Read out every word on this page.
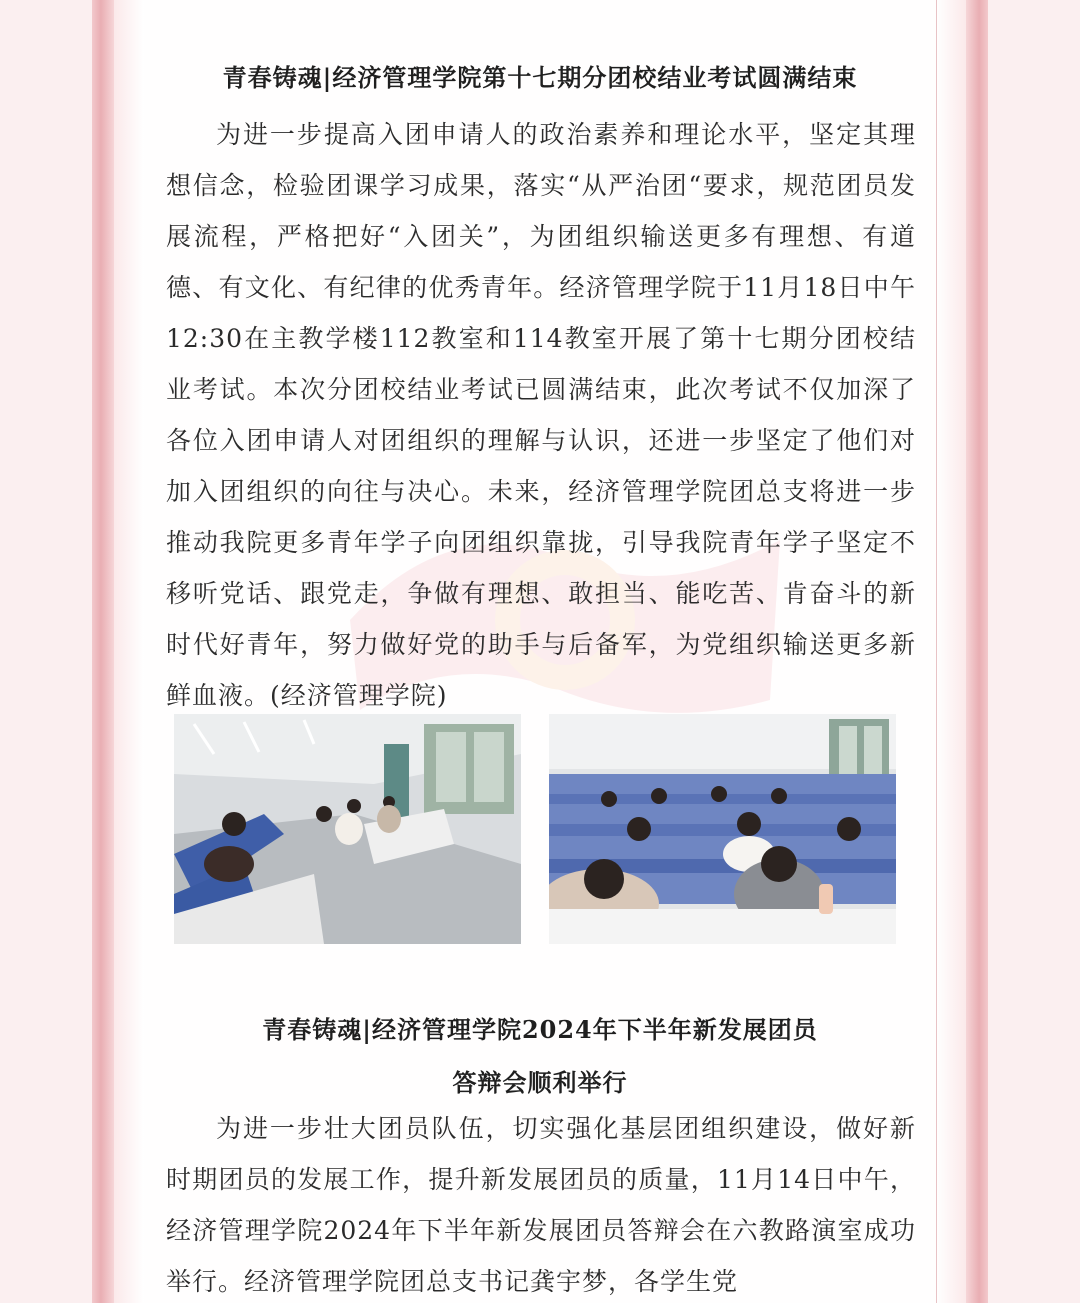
青春铸魂|经济管理学院第十七期分团校结业考试圆满结束

为进一步提高入团申请人的政治素养和理论水平，坚定其理想信念，检验团课学习成果，落实“从严治团“要求，规范团员发展流程，严格把好“入团关”，为团组织输送更多有理想、有道德、有文化、有纪律的优秀青年。经济管理学院于11月18日中午12:30在主教学楼112教室和114教室开展了第十七期分团校结业考试。本次分团校结业考试已圆满结束，此次考试不仅加深了各位入团申请人对团组织的理解与认识，还进一步坚定了他们对加入团组织的向往与决心。未来，经济管理学院团总支将进一步推动我院更多青年学子向团组织靠拢，引导我院青年学子坚定不移听党话、跟党走，争做有理想、敢担当、能吃苦、肯奋斗的新时代好青年，努力做好党的助手与后备军，为党组织输送更多新鲜血液。(经济管理学院)

青春铸魂|经济管理学院2024年下半年新发展团员
答辩会顺利举行

为进一步壮大团员队伍，切实强化基层团组织建设，做好新时期团员的发展工作，提升新发展团员的质量，11月14日中午，经济管理学院2024年下半年新发展团员答辩会在六教路演室成功举行。经济管理学院团总支书记龚宇梦，各学生党
